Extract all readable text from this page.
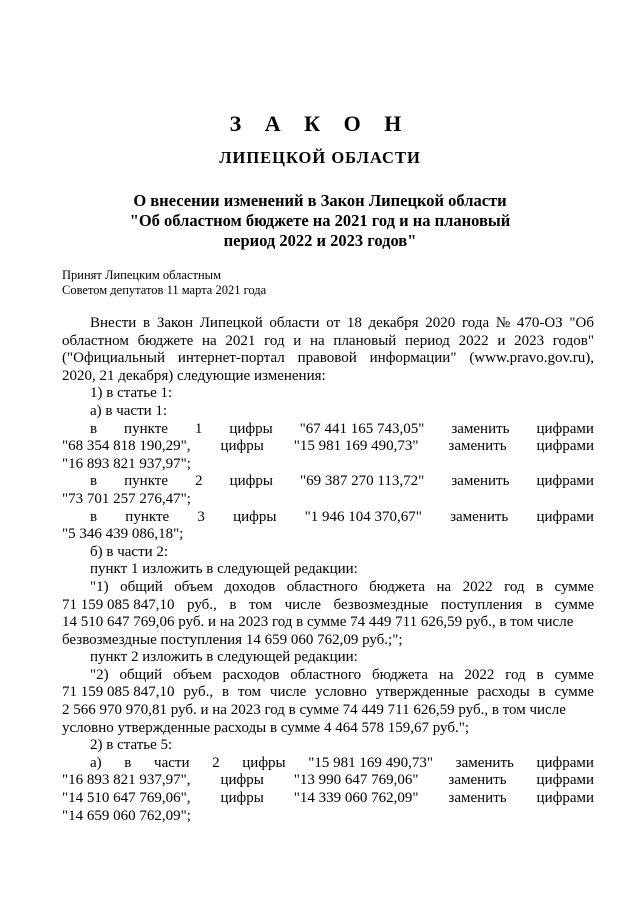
З А К О Н
ЛИПЕЦКОЙ ОБЛАСТИ
О внесении изменений в Закон Липецкой области
"Об областном бюджете на 2021 год и на плановый
период 2022 и 2023 годов"
Принят Липецким областным
Советом депутатов 11 марта 2021 года
Внести в Закон Липецкой области от 18 декабря 2020 года № 470-ОЗ "Об
областном бюджете на 2021 год и на плановый период 2022 и 2023 годов"
("Официальный интернет-портал правовой информации" (www.pravo.gov.ru),
2020, 21 декабря) следующие изменения:
1) в статье 1:
а) в части 1:
в пункте 1 цифры "67 441 165 743,05" заменить цифрами
"68 354 818 190,29", цифры "15 981 169 490,73" заменить цифрами
"16 893 821 937,97";
в пункте 2 цифры "69 387 270 113,72" заменить цифрами
"73 701 257 276,47";
в пункте 3 цифры "1 946 104 370,67" заменить цифрами
"5 346 439 086,18";
б) в части 2:
пункт 1 изложить в следующей редакции:
"1) общий объем доходов областного бюджета на 2022 год в сумме
71 159 085 847,10 руб., в том числе безвозмездные поступления в сумме
14 510 647 769,06 руб. и на 2023 год в сумме 74 449 711 626,59 руб., в том числе
безвозмездные поступления 14 659 060 762,09 руб.;";
пункт 2 изложить в следующей редакции:
"2) общий объем расходов областного бюджета на 2022 год в сумме
71 159 085 847,10 руб., в том числе условно утвержденные расходы в сумме
2 566 970 970,81 руб. и на 2023 год в сумме 74 449 711 626,59 руб., в том числе
условно утвержденные расходы в сумме 4 464 578 159,67 руб.";
2) в статье 5:
а) в части 2 цифры "15 981 169 490,73" заменить цифрами
"16 893 821 937,97", цифры "13 990 647 769,06" заменить цифрами
"14 510 647 769,06", цифры "14 339 060 762,09" заменить цифрами
"14 659 060 762,09";
